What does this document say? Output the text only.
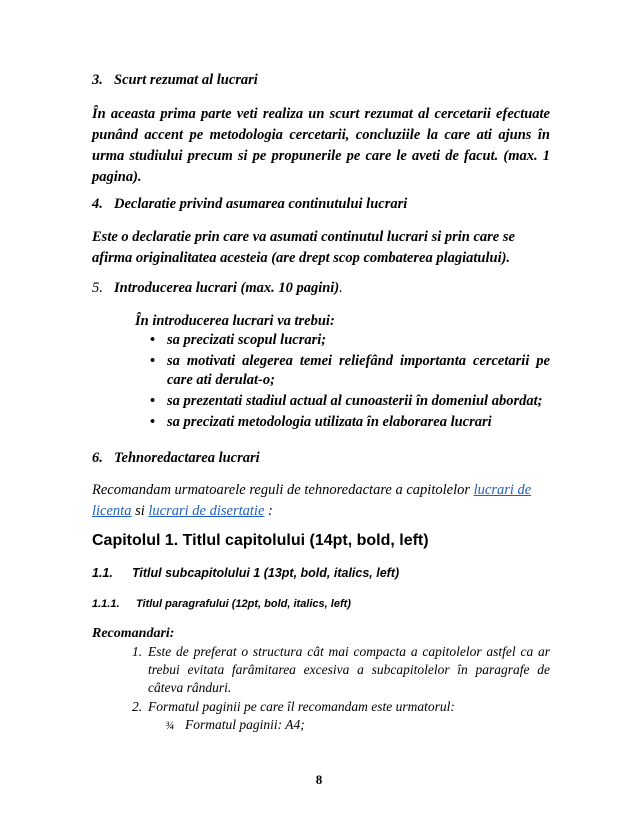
3. Scurt rezumat al lucrari

În aceasta prima parte veti realiza un scurt rezumat al cercetarii efectuate punând accent pe metodologia cercetarii, concluziile la care ati ajuns în urma studiului precum si pe propunerile pe care le aveti de facut. (max. 1 pagina).

4. Declaratie privind asumarea continutului lucrari

Este o declaratie prin care va asumati continutul lucrari si prin care se afirma originalitatea acesteia (are drept scop combaterea plagiatului).

5. Introducerea lucrari (max. 10 pagini).
În introducerea lucrari va trebui:
• sa precizati scopul lucrari;
• sa motivati alegerea temei reliefând importanta cercetarii pe care ati derulat-o;
• sa prezentati stadiul actual al cunoasterii în domeniul abordat;
• sa precizati metodologia utilizata în elaborarea lucrari
6. Tehnoredactarea lucrari

Recomandam urmatoarele reguli de tehnoredactare a capitolelor lucrari de licenta si lucrari de disertatie :

Capitolul 1. Titlul capitolului (14pt, bold, left)
1.1. Titlul subcapitolului 1 (13pt, bold, italics, left)
1.1.1. Titlul paragrafului (12pt, bold, italics, left)
Recomandari:
1. Este de preferat o structura cât mai compacta a capitolelor astfel ca ar trebui evitata farâmitarea excesiva a subcapitolelor în paragrafe de câteva rânduri.
2. Formatul paginii pe care îl recomandam este urmatorul:
¾ Formatul paginii: A4;
8
